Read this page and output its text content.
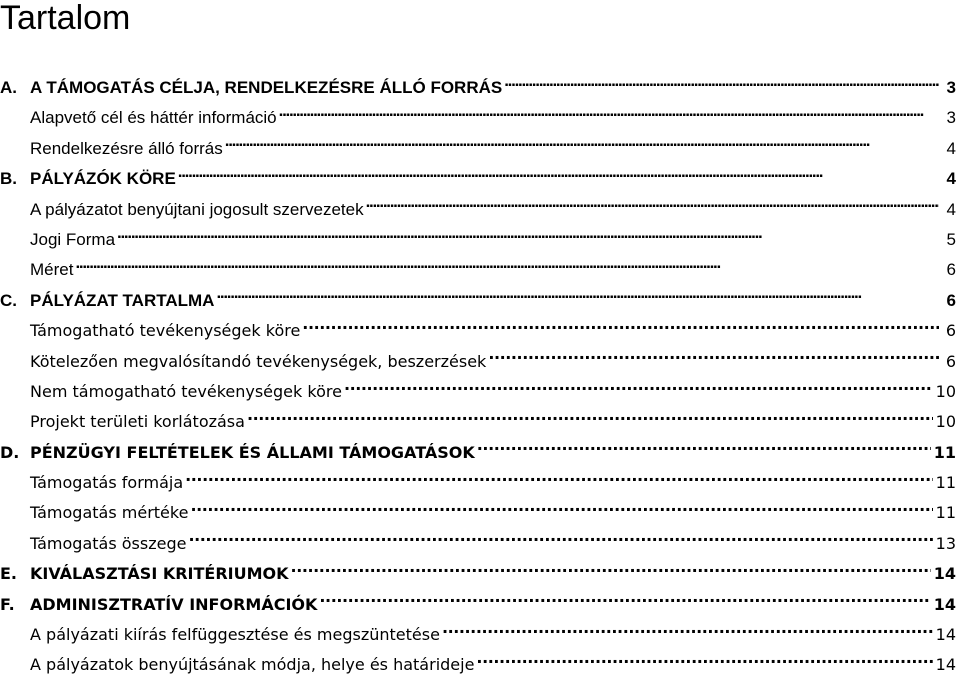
Tartalom
A. A TÁMOGATÁS CÉLJA, RENDELKEZÉSRE ÁLLÓ FORRÁS . . .	3
Alapvető cél és háttér információ . . .	3
Rendelkezésre álló forrás . . .	4
B. PÁLYÁZÓK KÖRE . . .	4
A pályázatot benyújtani jogosult szervezetek . . .	4
Jogi Forma . . .	5
Méret . . .	6
C. PÁLYÁZAT TARTALMA . . .	6
Támogatható tevékenységek köre . . .	6
Kötelezően megvalósítandó tevékenységek, beszerzések . . .	6
Nem támogatható tevékenységek köre . . .	10
Projekt területi korlátozása . . .	10
D. PÉNZÜGYI FELTÉTELEK ÉS ÁLLAMI TÁMOGATÁSOK . . .	11
Támogatás formája . . .	11
Támogatás mértéke . . .	11
Támogatás összege . . .	13
E. KIVÁLASZTÁSI KRITÉRIUMOK . . .	14
F. ADMINISZTRATÍV INFORMÁCIÓK . . .	14
A pályázati kiírás felfüggesztése és megszüntetése . . .	14
A pályázatok benyújtásának módja, helye és határideje . . .	14
